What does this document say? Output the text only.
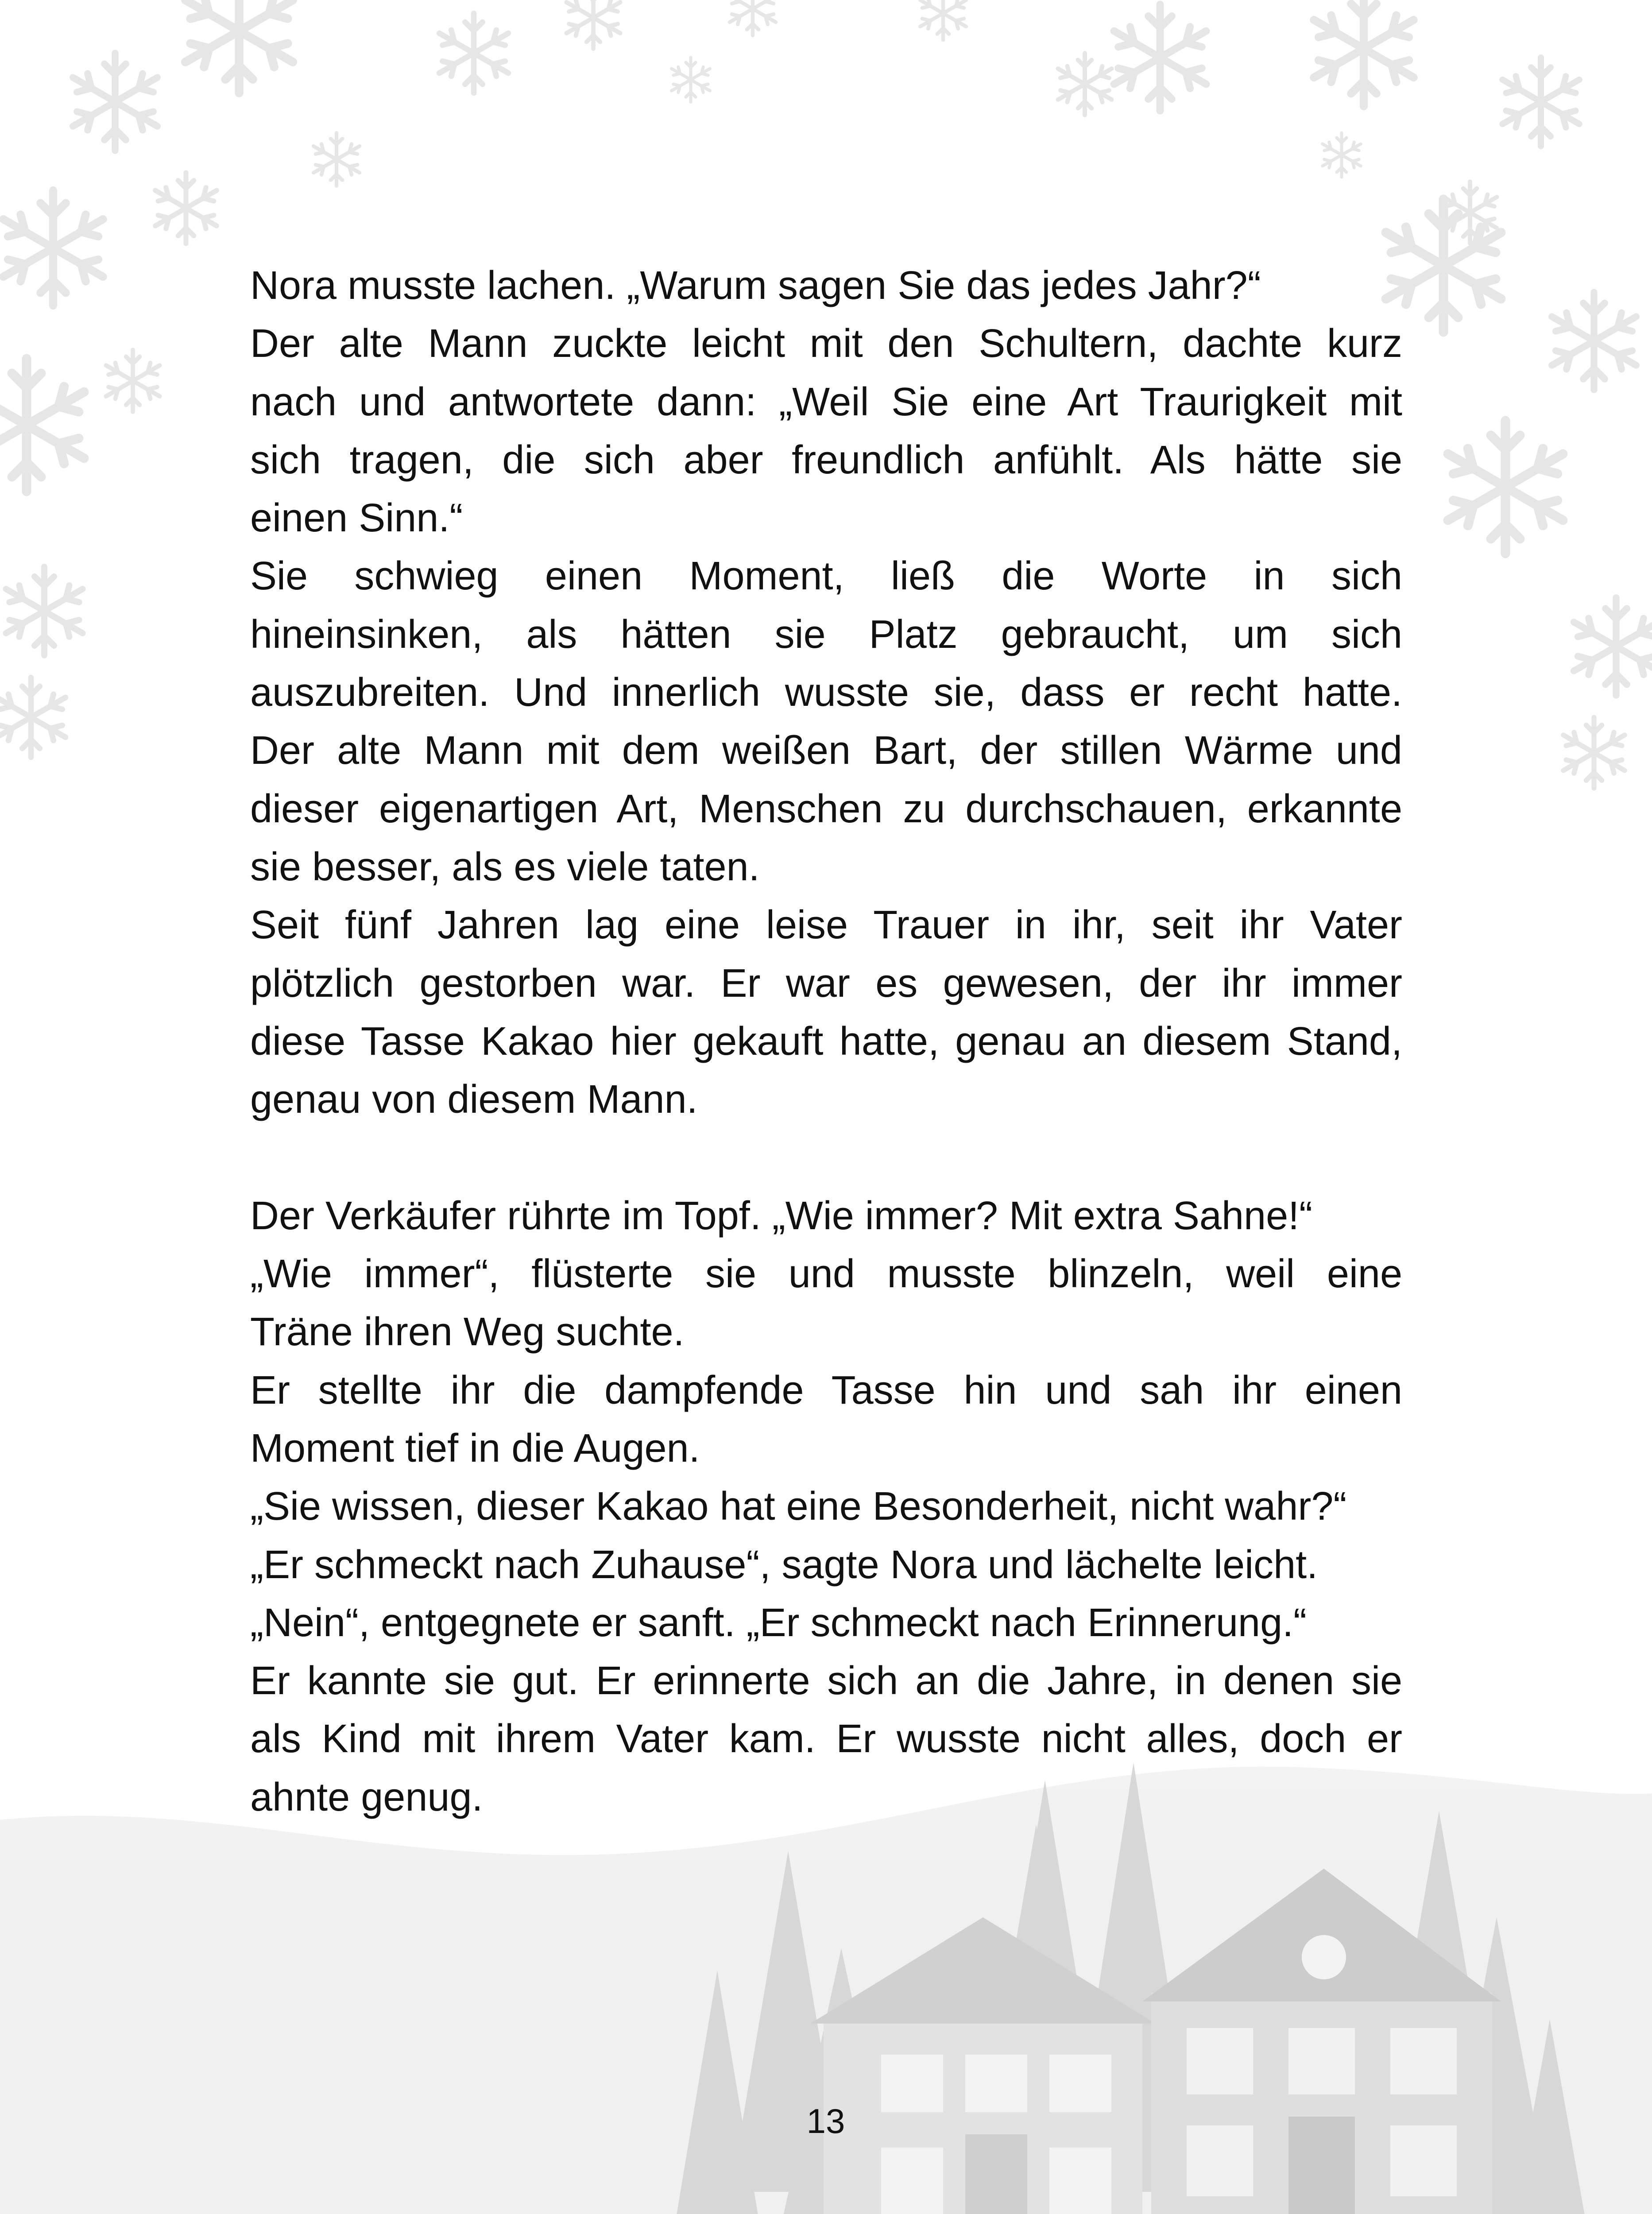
Nora musste lachen. „Warum sagen Sie das jedes Jahr?“
Der alte Mann zuckte leicht mit den Schultern, dachte kurz
nach und antwortete dann: „Weil Sie eine Art Traurigkeit mit
sich tragen, die sich aber freundlich anfühlt. Als hätte sie
einen Sinn.“
Sie schwieg einen Moment, ließ die Worte in sich
hineinsinken, als hätten sie Platz gebraucht, um sich
auszubreiten. Und innerlich wusste sie, dass er recht hatte.
Der alte Mann mit dem weißen Bart, der stillen Wärme und
dieser eigenartigen Art, Menschen zu durchschauen, erkannte
sie besser, als es viele taten.
Seit fünf Jahren lag eine leise Trauer in ihr, seit ihr Vater
plötzlich gestorben war. Er war es gewesen, der ihr immer
diese Tasse Kakao hier gekauft hatte, genau an diesem Stand,
genau von diesem Mann.
Der Verkäufer rührte im Topf. „Wie immer? Mit extra Sahne!“
„Wie immer“, flüsterte sie und musste blinzeln, weil eine
Träne ihren Weg suchte.
Er stellte ihr die dampfende Tasse hin und sah ihr einen
Moment tief in die Augen.
„Sie wissen, dieser Kakao hat eine Besonderheit, nicht wahr?“
„Er schmeckt nach Zuhause“, sagte Nora und lächelte leicht.
„Nein“, entgegnete er sanft. „Er schmeckt nach Erinnerung.“
Er kannte sie gut. Er erinnerte sich an die Jahre, in denen sie
als Kind mit ihrem Vater kam. Er wusste nicht alles, doch er
ahnte genug.
13
